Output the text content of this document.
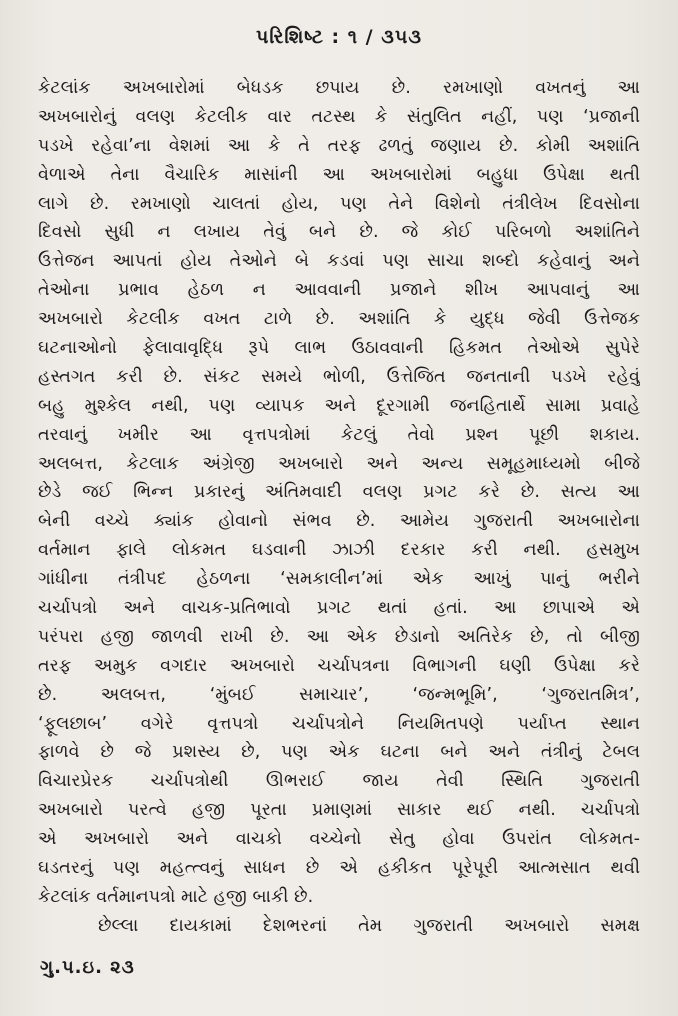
પરિશિષ્ટ : ૧ / ૩૫૩
કેટલાંક અખબારોમાં બેધડક છપાય છે. રમખાણો વખતનું આ
અખબારોનું વલણ કેટલીક વાર તટસ્થ કે સંતુલિત નહીં, પણ ‘પ્રજાની
પડખે રહેવા’ના વેશમાં આ કે તે તરફ ઢળતું જણાય છે. કોમી અશાંતિ
વેળાએ તેના વૈચારિક માસાંની આ અખબારોમાં બહુધા ઉપેક્ષા થતી
લાગે છે. રમખાણો ચાલતાં હોય, પણ તેને વિશેનો તંત્રીલેખ દિવસોના
દિવસો સુધી ન લખાય તેવું બને છે. જે કોઈ પરિબળો અશાંતિને
ઉત્તેજન આપતાં હોય તેઓને બે કડવાં પણ સાચા શબ્દો કહેવાનું અને
તેઓના પ્રભાવ હેઠળ ન આવવાની પ્રજાને શીખ આપવાનું આ
અખબારો કેટલીક વખત ટાળે છે. અશાંતિ કે યુદ્ધ જેવી ઉત્તેજક
ઘટનાઓનો ફેલાવાવૃદ્ધિ રૂપે લાભ ઉઠાવવાની હિકમત તેઓએ સુપેરે
હસ્તગત કરી છે. સંકટ સમયે ભોળી, ઉત્તેજિત જનતાની પડખે રહેવું
બહુ મુશ્કેલ નથી, પણ વ્યાપક અને દૂરગામી જનહિતાર્થે સામા પ્રવાહે
તરવાનું ખમીર આ વૃત્તપત્રોમાં કેટલું તેવો પ્રશ્ન પૂછી શકાય.
અલબત્ત, કેટલાક અંગ્રેજી અખબારો અને અન્ય સમૂહમાધ્યમો બીજે
છેડે જઈ ભિન્ન પ્રકારનું અંતિમવાદી વલણ પ્રગટ કરે છે. સત્ય આ
બેની વચ્ચે ક્યાંક હોવાનો સંભવ છે. આમેય ગુજરાતી અખબારોના
વર્તમાન ફાલે લોકમત ઘડવાની ઝાઝી દરકાર કરી નથી. હસમુખ
ગાંધીના તંત્રીપદ હેઠળના ‘સમકાલીન’માં એક આખું પાનું ભરીને
ચર્ચાપત્રો અને વાચક-પ્રતિભાવો પ્રગટ થતાં હતાં. આ છાપાએ એ
પરંપરા હજી જાળવી રાખી છે. આ એક છેડાનો અતિરેક છે, તો બીજી
તરફ અમુક વગદાર અખબારો ચર્ચાપત્રના વિભાગની ઘણી ઉપેક્ષા કરે
છે. અલબત્ત, ‘મુંબઈ સમાચાર’, ‘જન્મભૂમિ’, ‘ગુજરાતમિત્ર’,
‘ફૂલછાબ’ વગેરે વૃત્તપત્રો ચર્ચાપત્રોને નિયમિતપણે પર્યાપ્ત સ્થાન
ફાળવે છે જે પ્રશસ્ય છે, પણ એક ઘટના બને અને તંત્રીનું ટેબલ
વિચારપ્રેરક ચર્ચાપત્રોથી ઊભરાઈ જાય તેવી સ્થિતિ ગુજરાતી
અખબારો પરત્વે હજી પૂરતા પ્રમાણમાં સાકાર થઈ નથી. ચર્ચાપત્રો
એ અખબારો અને વાચકો વચ્ચેનો સેતુ હોવા ઉપરાંત લોકમત-
ઘડતરનું પણ મહત્ત્વનું સાધન છે એ હકીકત પૂરેપૂરી આત્મસાત થવી
કેટલાંક વર્તમાનપત્રો માટે હજી બાકી છે.
છેલ્લા દાયકામાં દેશભરનાં તેમ ગુજરાતી અખબારો સમક્ષ
ગુ.પ.ઇ. ૨૩
